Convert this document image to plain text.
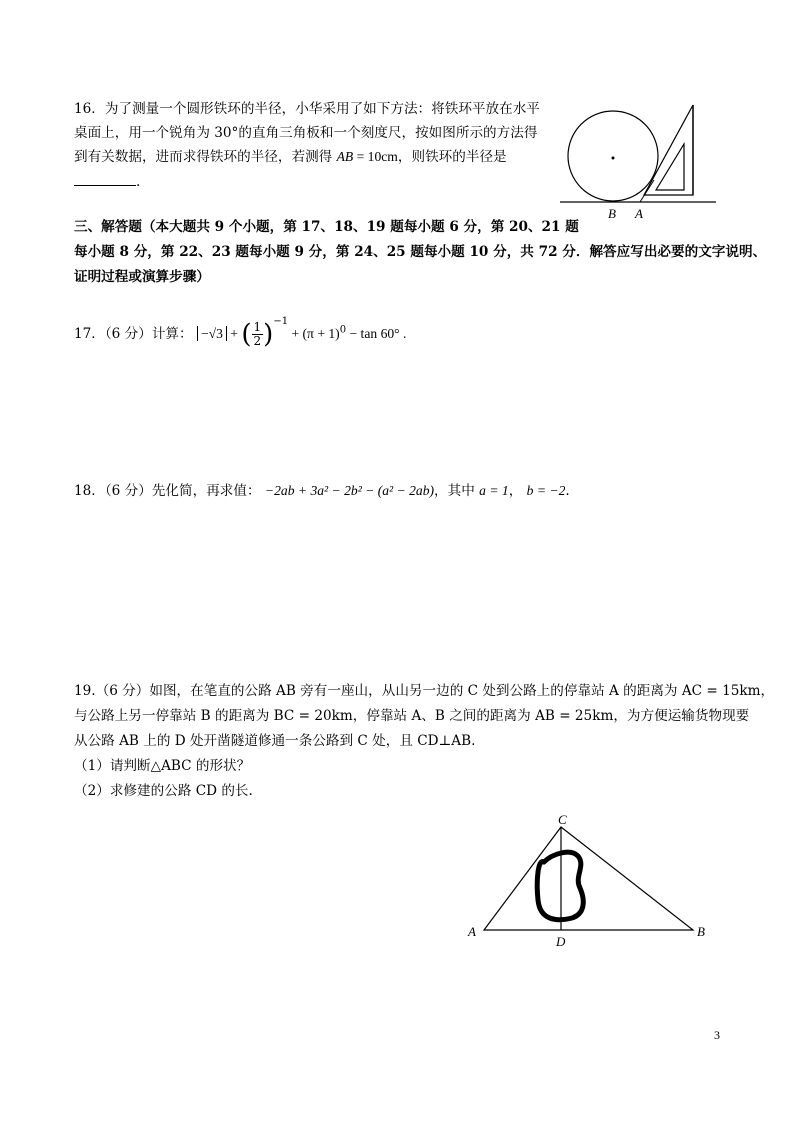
16．为了测量一个圆形铁环的半径，小华采用了如下方法：将铁环平放在水平
桌面上，用一个锐角为 30°的直角三角板和一个刻度尺，按如图所示的方法得
到有关数据，进而求得铁环的半径，若测得 AB = 10cm，则铁环的半径是
.
B A
三、解答题（本大题共 9 个小题，第 17、18、19 题每小题 6 分，第 20、21 题
每小题 8 分，第 22、23 题每小题 9 分，第 24、25 题每小题 10 分，共 72 分．解答应写出必要的文字说明、
证明过程或演算步骤）
17．（6 分）计算： −√3 + ( $\frac{1}{2} )^{-1} + (\pi + 1)^0 - \tan 60^\circ$ .
18．（6 分）先化简，再求值： −2ab + 3a² − 2b² − (a² − 2ab)，其中 a = 1， b = −2.
19.（6 分）如图，在笔直的公路 AB 旁有一座山，从山另一边的 C 处到公路上的停靠站 A 的距离为 AC = 15km，
与公路上另一停靠站 B 的距离为 BC = 20km，停靠站 A、B 之间的距离为 AB = 25km，为方便运输货物现要
从公路 AB 上的 D 处开凿隧道修通一条公路到 C 处，且 CD⊥AB.
（1）请判断△ABC 的形状？
（2）求修建的公路 CD 的长.
C
A	B
D
3
